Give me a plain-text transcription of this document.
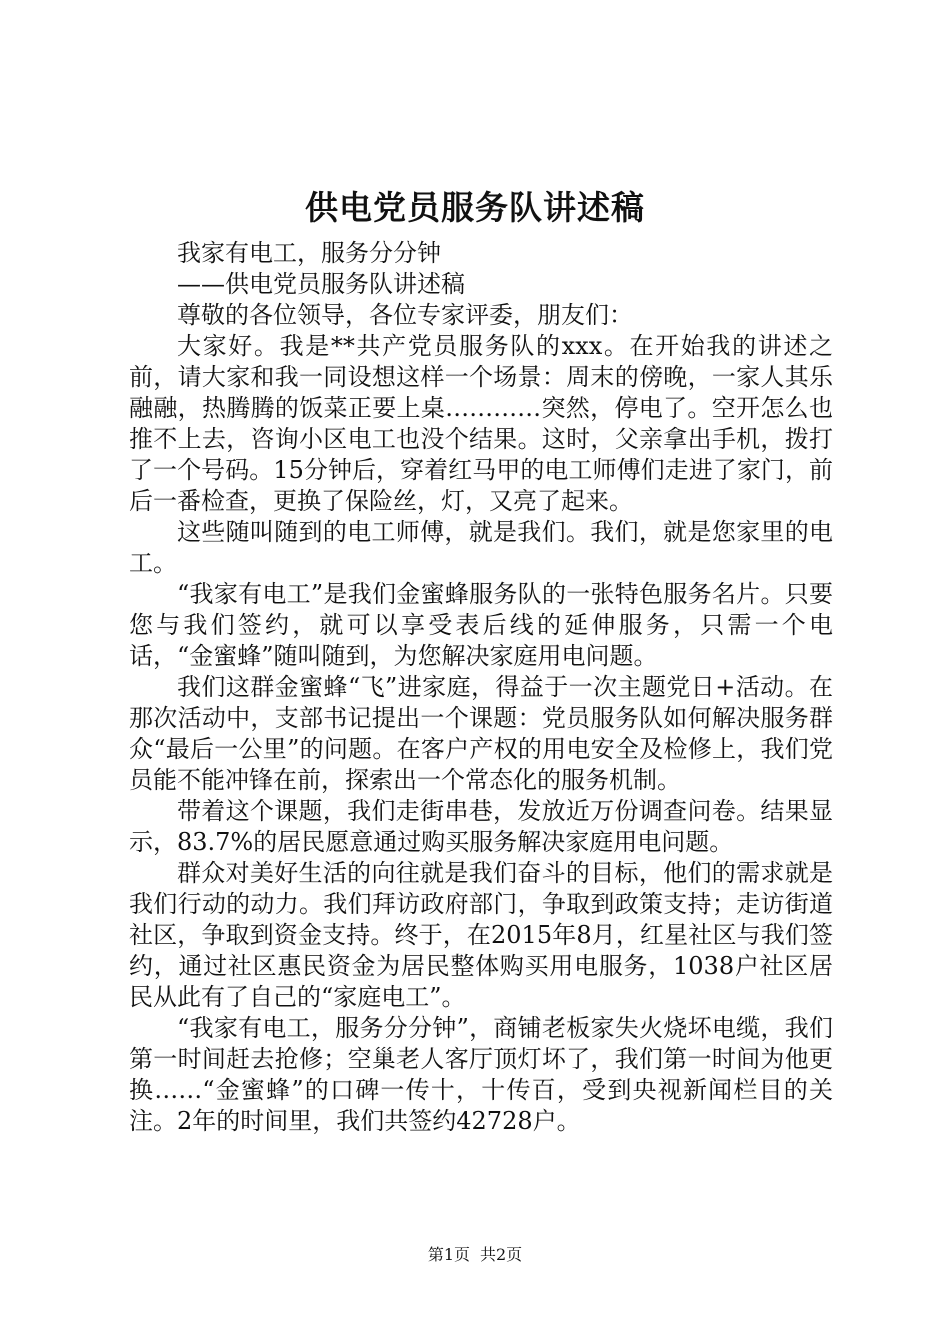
供电党员服务队讲述稿

我家有电工，服务分分钟

——供电党员服务队讲述稿

尊敬的各位领导，各位专家评委，朋友们：

大家好。我是**共产党员服务队的xxx。在开始我的讲述之前，请大家和我一同设想这样一个场景：周末的傍晚，一家人其乐融融，热腾腾的饭菜正要上桌…………突然，停电了。空开怎么也推不上去，咨询小区电工也没个结果。这时，父亲拿出手机，拨打了一个号码。15分钟后，穿着红马甲的电工师傅们走进了家门，前后一番检查，更换了保险丝，灯，又亮了起来。

这些随叫随到的电工师傅，就是我们。我们，就是您家里的电工。

“我家有电工”是我们金蜜蜂服务队的一张特色服务名片。只要您与我们签约，就可以享受表后线的延伸服务，只需一个电话，“金蜜蜂”随叫随到，为您解决家庭用电问题。

我们这群金蜜蜂“飞”进家庭，得益于一次主题党日+活动。在那次活动中，支部书记提出一个课题：党员服务队如何解决服务群众“最后一公里”的问题。在客户产权的用电安全及检修上，我们党员能不能冲锋在前，探索出一个常态化的服务机制。

带着这个课题，我们走街串巷，发放近万份调查问卷。结果显示，83.7%的居民愿意通过购买服务解决家庭用电问题。

群众对美好生活的向往就是我们奋斗的目标，他们的需求就是我们行动的动力。我们拜访政府部门，争取到政策支持；走访街道社区，争取到资金支持。终于，在2015年8月，红星社区与我们签约，通过社区惠民资金为居民整体购买用电服务，1038户社区居民从此有了自己的“家庭电工”。

“我家有电工，服务分分钟”，商铺老板家失火烧坏电缆，我们第一时间赶去抢修；空巢老人客厅顶灯坏了，我们第一时间为他更换……“金蜜蜂”的口碑一传十，十传百，受到央视新闻栏目的关注。2年的时间里，我们共签约42728户。

第1页 共2页
